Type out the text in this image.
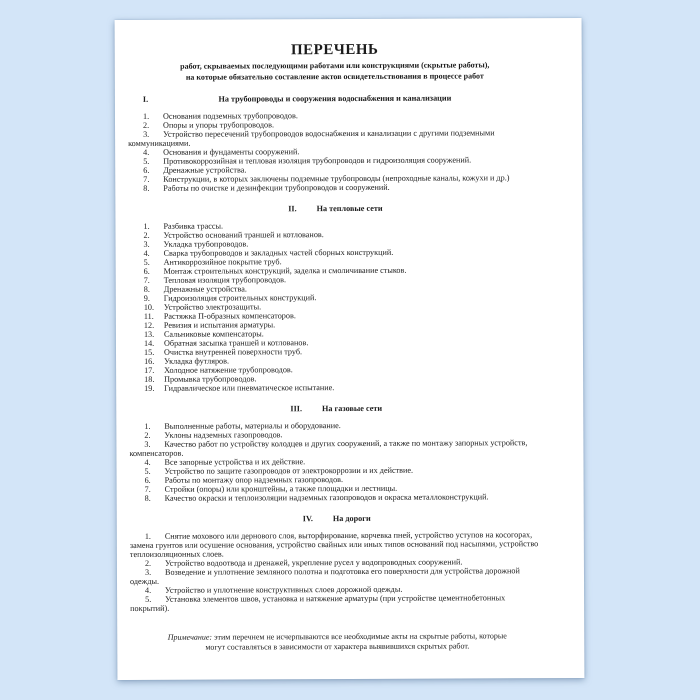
ПЕРЕЧЕНЬ
работ, скрываемых последующими работами или конструкциями (скрытые работы),
на которые обязательно составление актов освидетельствования в процессе работ
I.	На трубопроводы и сооружения водоснабжения и канализации
1. Основания подземных трубопроводов.
2. Опоры и упоры трубопроводов.
3. Устройство пересечений трубопроводов водоснабжения и канализации с другими подземными коммуникациями.
4. Основания и фундаменты сооружений.
5. Противокоррозийная и тепловая изоляция трубопроводов и гидроизоляция сооружений.
6. Дренажные устройства.
7. Конструкции, в которых заключены подземные трубопроводы (непроходные каналы, кожухи и др.)
8. Работы по очистке и дезинфекции трубопроводов и сооружений.
II. На тепловые сети
1. Разбивка трассы.
2. Устройство оснований траншей и котлованов.
3. Укладка трубопроводов.
4. Сварка трубопроводов и закладных частей сборных конструкций.
5. Антикоррозийное покрытие труб.
6. Монтаж строительных конструкций, заделка и смоличивание стыков.
7. Тепловая изоляция трубопроводов.
8. Дренажные устройства.
9. Гидроизоляция строительных конструкций.
10. Устройство электрозащиты.
11. Растяжка П-образных компенсаторов.
12. Ревизия и испытания арматуры.
13. Сальниковые компенсаторы.
14. Обратная засыпка траншей и котлованов.
15. Очистка внутренней поверхности труб.
16. Укладка футляров.
17. Холодное натяжение трубопроводов.
18. Промывка трубопроводов.
19. Гидравлическое или пневматическое испытание.
III. На газовые сети
1. Выполненные работы, материалы и оборудование.
2. Уклоны надземных газопроводов.
3. Качество работ по устройству колодцев и других сооружений, а также по монтажу запорных устройств, компенсаторов.
4. Все запорные устройства и их действие.
5. Устройство по защите газопроводов от электрокоррозии и их действие.
6. Работы по монтажу опор надземных газопроводов.
7. Стройки (опоры) или кронштейны, а также площадки и лестницы.
8. Качество окраски и теплоизоляции надземных газопроводов и окраска металлоконструкций.
IV. На дороги
1. Снятие мохового или дернового слоя, выторфирование, корчевка пней, устройство уступов на косогорах, замена грунтов или осушение основания, устройство свайных или иных типов оснований под насыпями, устройство теплоизоляционных слоев.
2. Устройство водоотвода и дренажей, укрепление русел у водопроводных сооружений.
3. Возведение и уплотнение земляного полотна и подготовка его поверхности для устройства дорожной одежды.
4. Устройство и уплотнение конструктивных слоев дорожной одежды.
5. Установка элементов швов, установка и натяжение арматуры (при устройстве цементнобетонных покрытий).
Примечание: этим перечнем не исчерпываются все необходимые акты на скрытые работы, которые могут составляться в зависимости от характера выявившихся скрытых работ.
